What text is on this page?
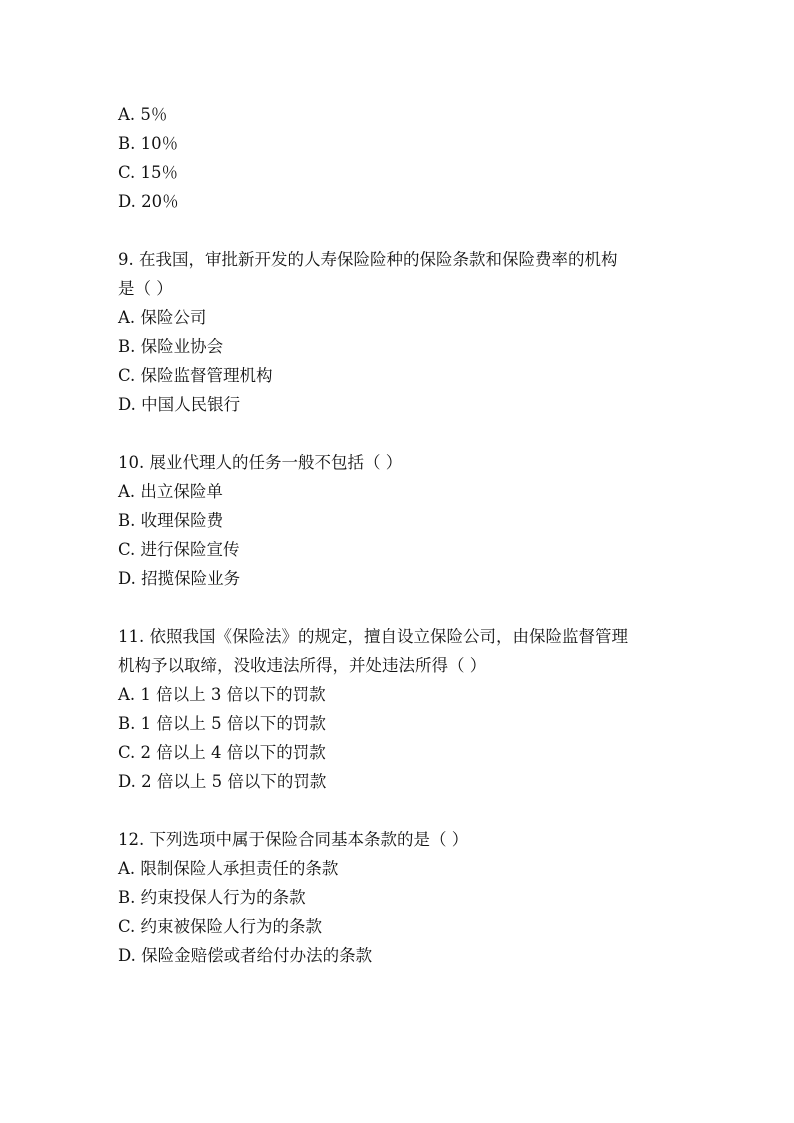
A. 5％

B. 10％

C. 15％

D. 20％

9. 在我国，审批新开发的人寿保险险种的保险条款和保险费率的机构

是（ ）

A. 保险公司

B. 保险业协会

C. 保险监督管理机构

D. 中国人民银行

10. 展业代理人的任务一般不包括（ ）

A. 出立保险单

B. 收理保险费

C. 进行保险宣传

D. 招揽保险业务

11. 依照我国《保险法》的规定，擅自设立保险公司，由保险监督管理

机构予以取缔，没收违法所得，并处违法所得（ ）

A. 1 倍以上 3 倍以下的罚款

B. 1 倍以上 5 倍以下的罚款

C. 2 倍以上 4 倍以下的罚款

D. 2 倍以上 5 倍以下的罚款

12. 下列选项中属于保险合同基本条款的是（ ）

A. 限制保险人承担责任的条款

B. 约束投保人行为的条款

C. 约束被保险人行为的条款

D. 保险金赔偿或者给付办法的条款
